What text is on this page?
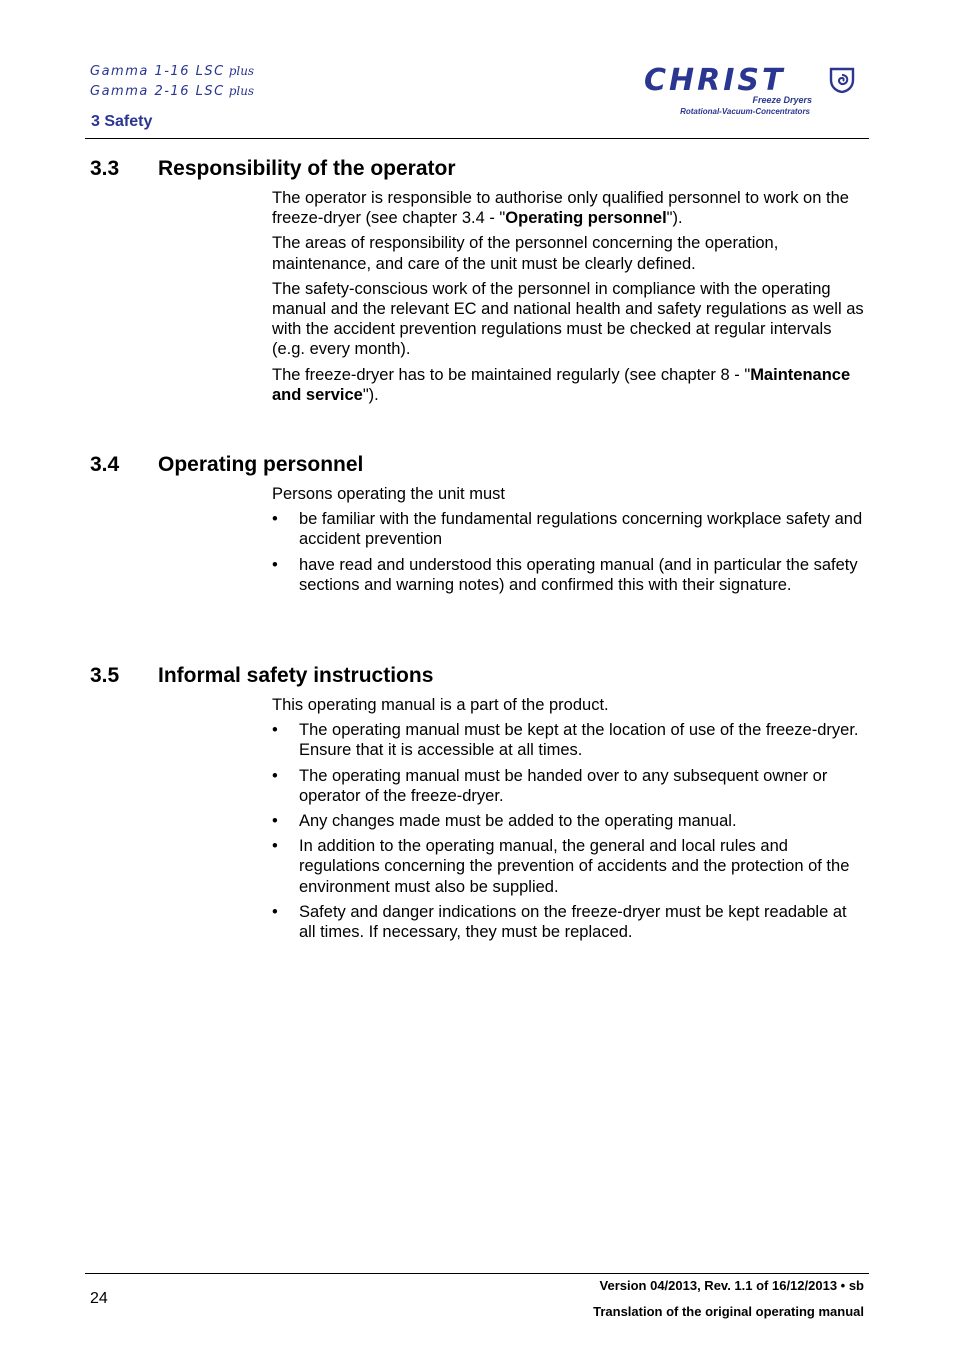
Gamma 1-16 LSC plus
Gamma 2-16 LSC plus
3 Safety
CHRIST
Freeze Dryers
Rotational-Vacuum-Concentrators
3.3 Responsibility of the operator

The operator is responsible to authorise only qualified personnel to work on the freeze-dryer (see chapter 3.4 - "Operating personnel").

The areas of responsibility of the personnel concerning the operation, maintenance, and care of the unit must be clearly defined.

The safety-conscious work of the personnel in compliance with the operating manual and the relevant EC and national health and safety regulations as well as with the accident prevention regulations must be checked at regular intervals (e.g. every month).

The freeze-dryer has to be maintained regularly (see chapter 8 - "Maintenance and service").

3.4 Operating personnel

Persons operating the unit must

• be familiar with the fundamental regulations concerning workplace safety and accident prevention
• have read and understood this operating manual (and in particular the safety sections and warning notes) and confirmed this with their signature.
3.5 Informal safety instructions

This operating manual is a part of the product.

• The operating manual must be kept at the location of use of the freeze-dryer. Ensure that it is accessible at all times.
• The operating manual must be handed over to any subsequent owner or operator of the freeze-dryer.
• Any changes made must be added to the operating manual.
• In addition to the operating manual, the general and local rules and regulations concerning the prevention of accidents and the protection of the environment must also be supplied.
• Safety and danger indications on the freeze-dryer must be kept readable at all times. If necessary, they must be replaced.
24
Version 04/2013, Rev. 1.1 of 16/12/2013 • sb
Translation of the original operating manual
